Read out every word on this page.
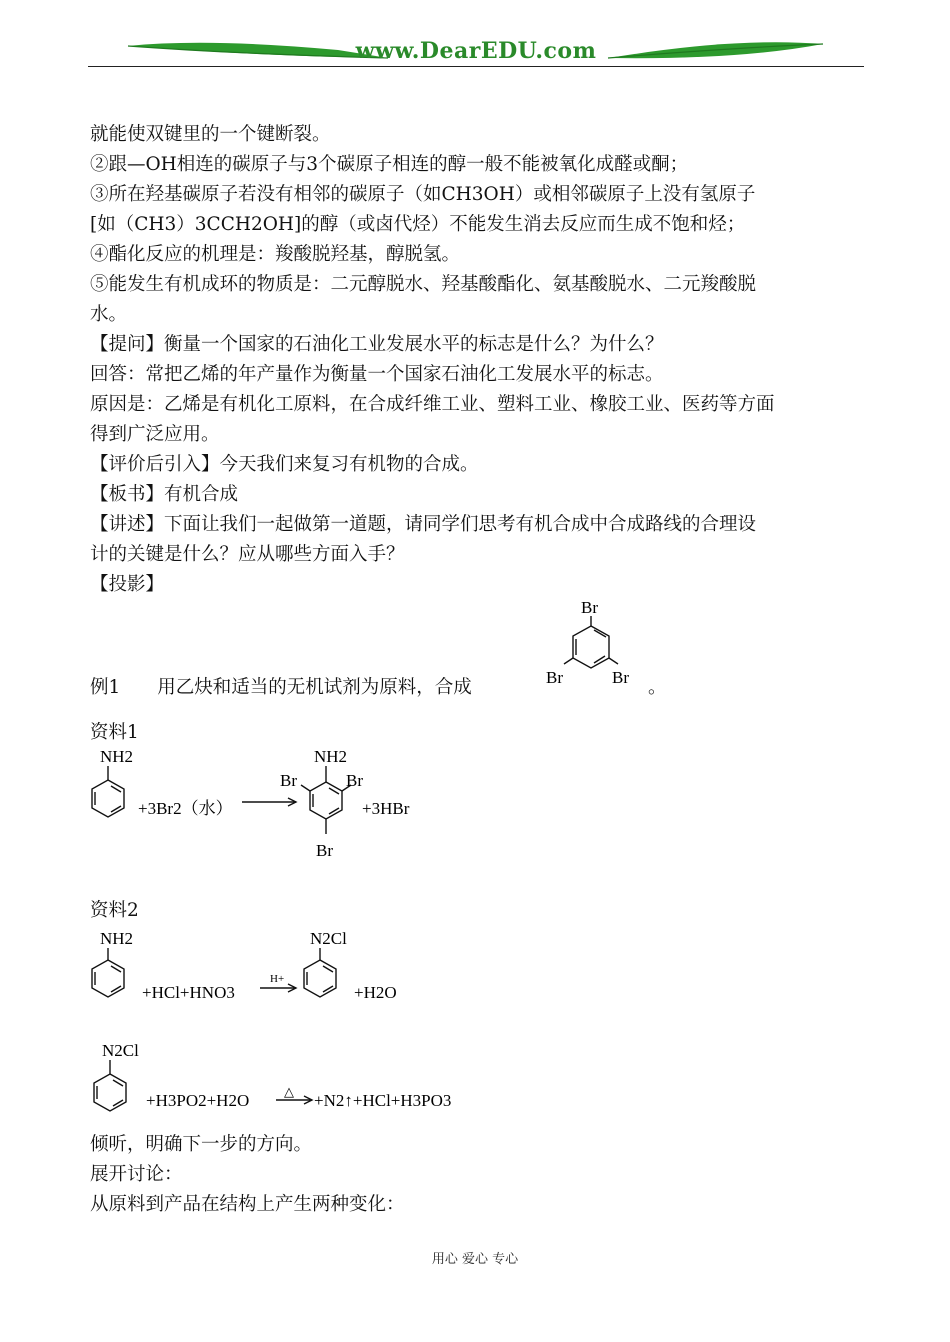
www.DearEDU.com
就能使双键里的一个键断裂。
②跟—OH相连的碳原子与3个碳原子相连的醇一般不能被氧化成醛或酮；
③所在羟基碳原子若没有相邻的碳原子（如CH3OH）或相邻碳原子上没有氢原子
[如（CH3）3CCH2OH]的醇（或卤代烃）不能发生消去反应而生成不饱和烃；
④酯化反应的机理是：羧酸脱羟基，醇脱氢。
⑤能发生有机成环的物质是：二元醇脱水、羟基酸酯化、氨基酸脱水、二元羧酸脱
水。
【提问】衡量一个国家的石油化工业发展水平的标志是什么？为什么？
回答：常把乙烯的年产量作为衡量一个国家石油化工发展水平的标志。
原因是：乙烯是有机化工原料，在合成纤维工业、塑料工业、橡胶工业、医药等方面
得到广泛应用。
【评价后引入】今天我们来复习有机物的合成。
【板书】有机合成
【讲述】下面让我们一起做第一道题，请同学们思考有机合成中合成路线的合理设
计的关键是什么？应从哪些方面入手？
【投影】
例1　　用乙炔和适当的无机试剂为原料，合成	。
Br
Br	Br
资料1
NH2
+3Br2（水）
NH2
Br	Br
Br
+3HBr
资料2
NH2
+HCl+HNO3
H+
N2Cl
+H2O
N2Cl
+H3PO2+H2O	△ +N2↑+HCl+H3PO3
倾听，明确下一步的方向。
展开讨论：
从原料到产品在结构上产生两种变化：
用心 爱心 专心
